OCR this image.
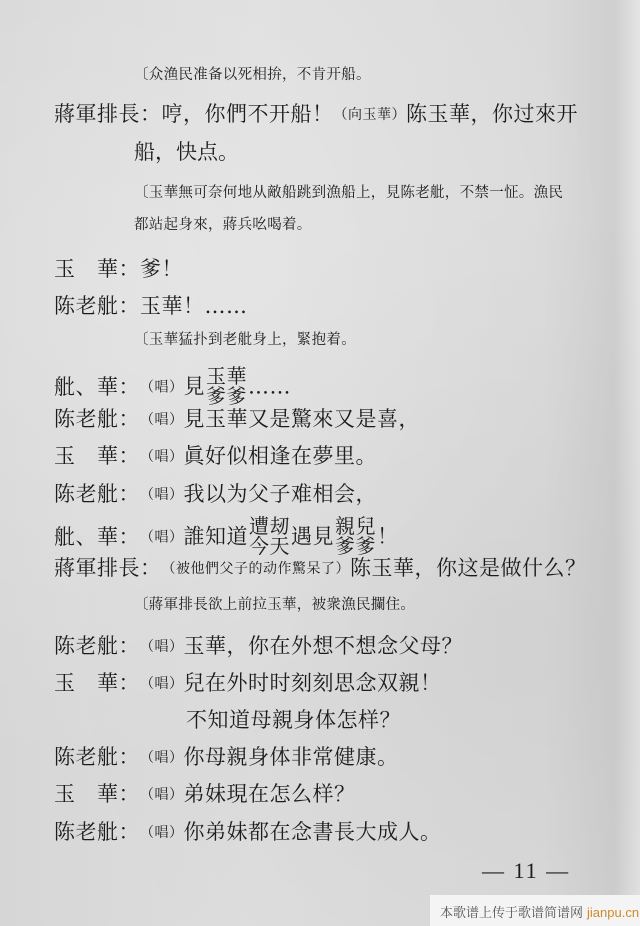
〔众渔民准备以死相拚，不肯开船。
蔣軍排長：哼，你們不开船！（向玉華）陈玉華，你过來开
船，快点。
〔玉華無可奈何地从敵船跳到漁船上，見陈老舭，不禁一怔。漁民
都站起身來，蔣兵吆喝着。
玉　華：爹！
陈老舭：玉華！……
〔玉華猛扑到老舭身上，緊抱着。
舭、華：（唱）見 玉華
爹爹 ……
陈老舭：（唱）見玉華又是驚來又是喜，
玉　華：（唱）眞好似相逢在夢里。
陈老舭：（唱）我以为父子难相会，
舭、華：（唱）誰知道 遭刼
今天 遇見 親兒
爹爹 ！
蔣軍排長：（被他們父子的动作驚呆了）陈玉華，你这是做什么？
〔蔣軍排長欲上前拉玉華，被衆漁民攔住。
陈老舭：（唱）玉華，你在外想不想念父母？
玉　華：（唱）兒在外时时刻刻思念双親！
不知道母親身体怎样？
陈老舭：（唱）你母親身体非常健康。
玉　華：（唱）弟妹現在怎么样？
陈老舭：（唱）你弟妹都在念書長大成人。
— 11 —
本歌谱上传于歌谱简谱网 jianpu.cn
